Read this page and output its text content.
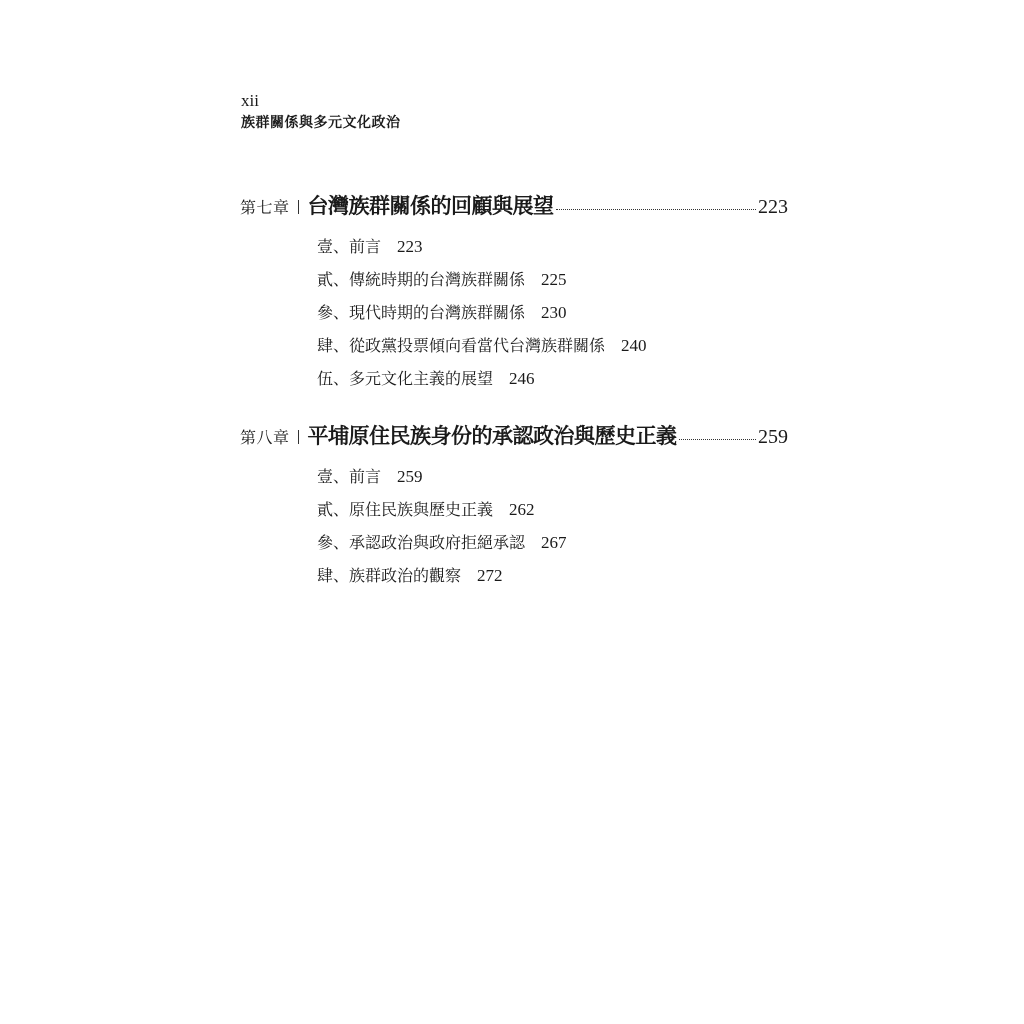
xii
族群關係與多元文化政治
第七章 台灣族群關係的回顧與展望	223
壹、前言 223
貳、傳統時期的台灣族群關係 225
參、現代時期的台灣族群關係 230
肆、從政黨投票傾向看當代台灣族群關係 240
伍、多元文化主義的展望 246
第八章 平埔原住民族身份的承認政治與歷史正義	259
壹、前言 259
貳、原住民族與歷史正義 262
參、承認政治與政府拒絕承認 267
肆、族群政治的觀察 272
